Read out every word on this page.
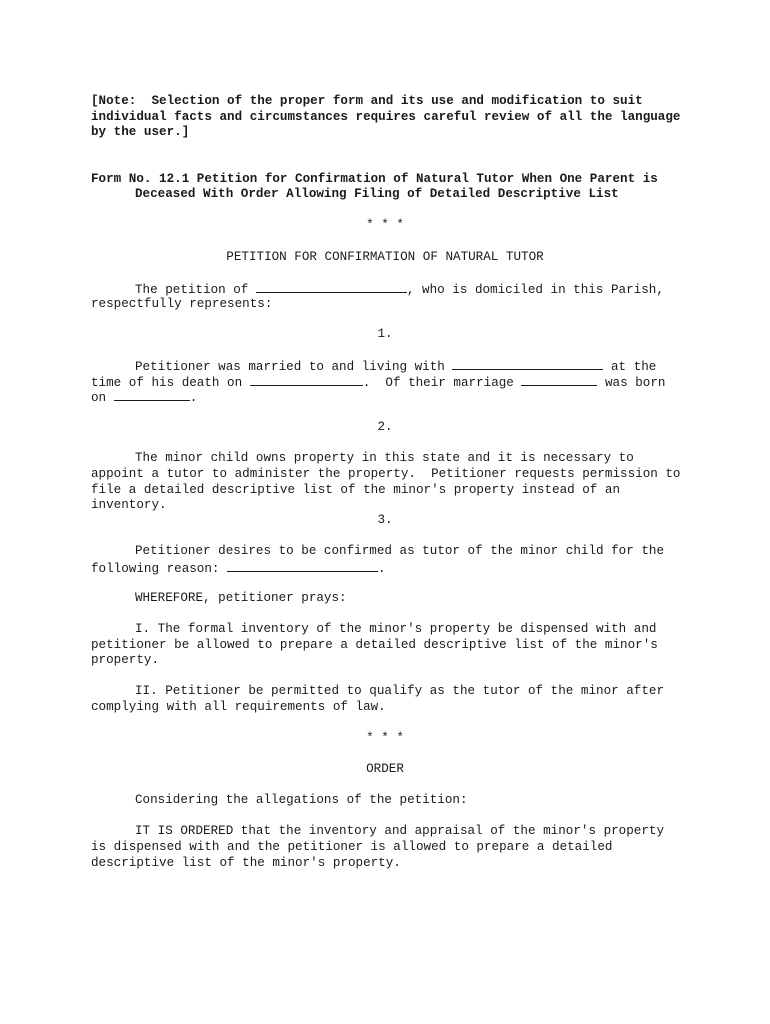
[Note:  Selection of the proper form and its use and modification to suit
individual facts and circumstances requires careful review of all the language
by the user.]
Form No. 12.1 Petition for Confirmation of Natural Tutor When One Parent is
Deceased With Order Allowing Filing of Detailed Descriptive List
* * *
PETITION FOR CONFIRMATION OF NATURAL TUTOR
The petition of	, who is domiciled in this Parish,
respectfully represents:
1.
Petitioner was married to and living with	at the
time of his death on	.  Of their marriage	was born
on	.
2.
The minor child owns property in this state and it is necessary to
appoint a tutor to administer the property.  Petitioner requests permission to
file a detailed descriptive list of the minor's property instead of an
inventory.
3.
Petitioner desires to be confirmed as tutor of the minor child for the
following reason:	.
WHEREFORE, petitioner prays:
I. The formal inventory of the minor's property be dispensed with and
petitioner be allowed to prepare a detailed descriptive list of the minor's
property.
II. Petitioner be permitted to qualify as the tutor of the minor after
complying with all requirements of law.
* * *
ORDER
Considering the allegations of the petition:
IT IS ORDERED that the inventory and appraisal of the minor's property
is dispensed with and the petitioner is allowed to prepare a detailed
descriptive list of the minor's property.
